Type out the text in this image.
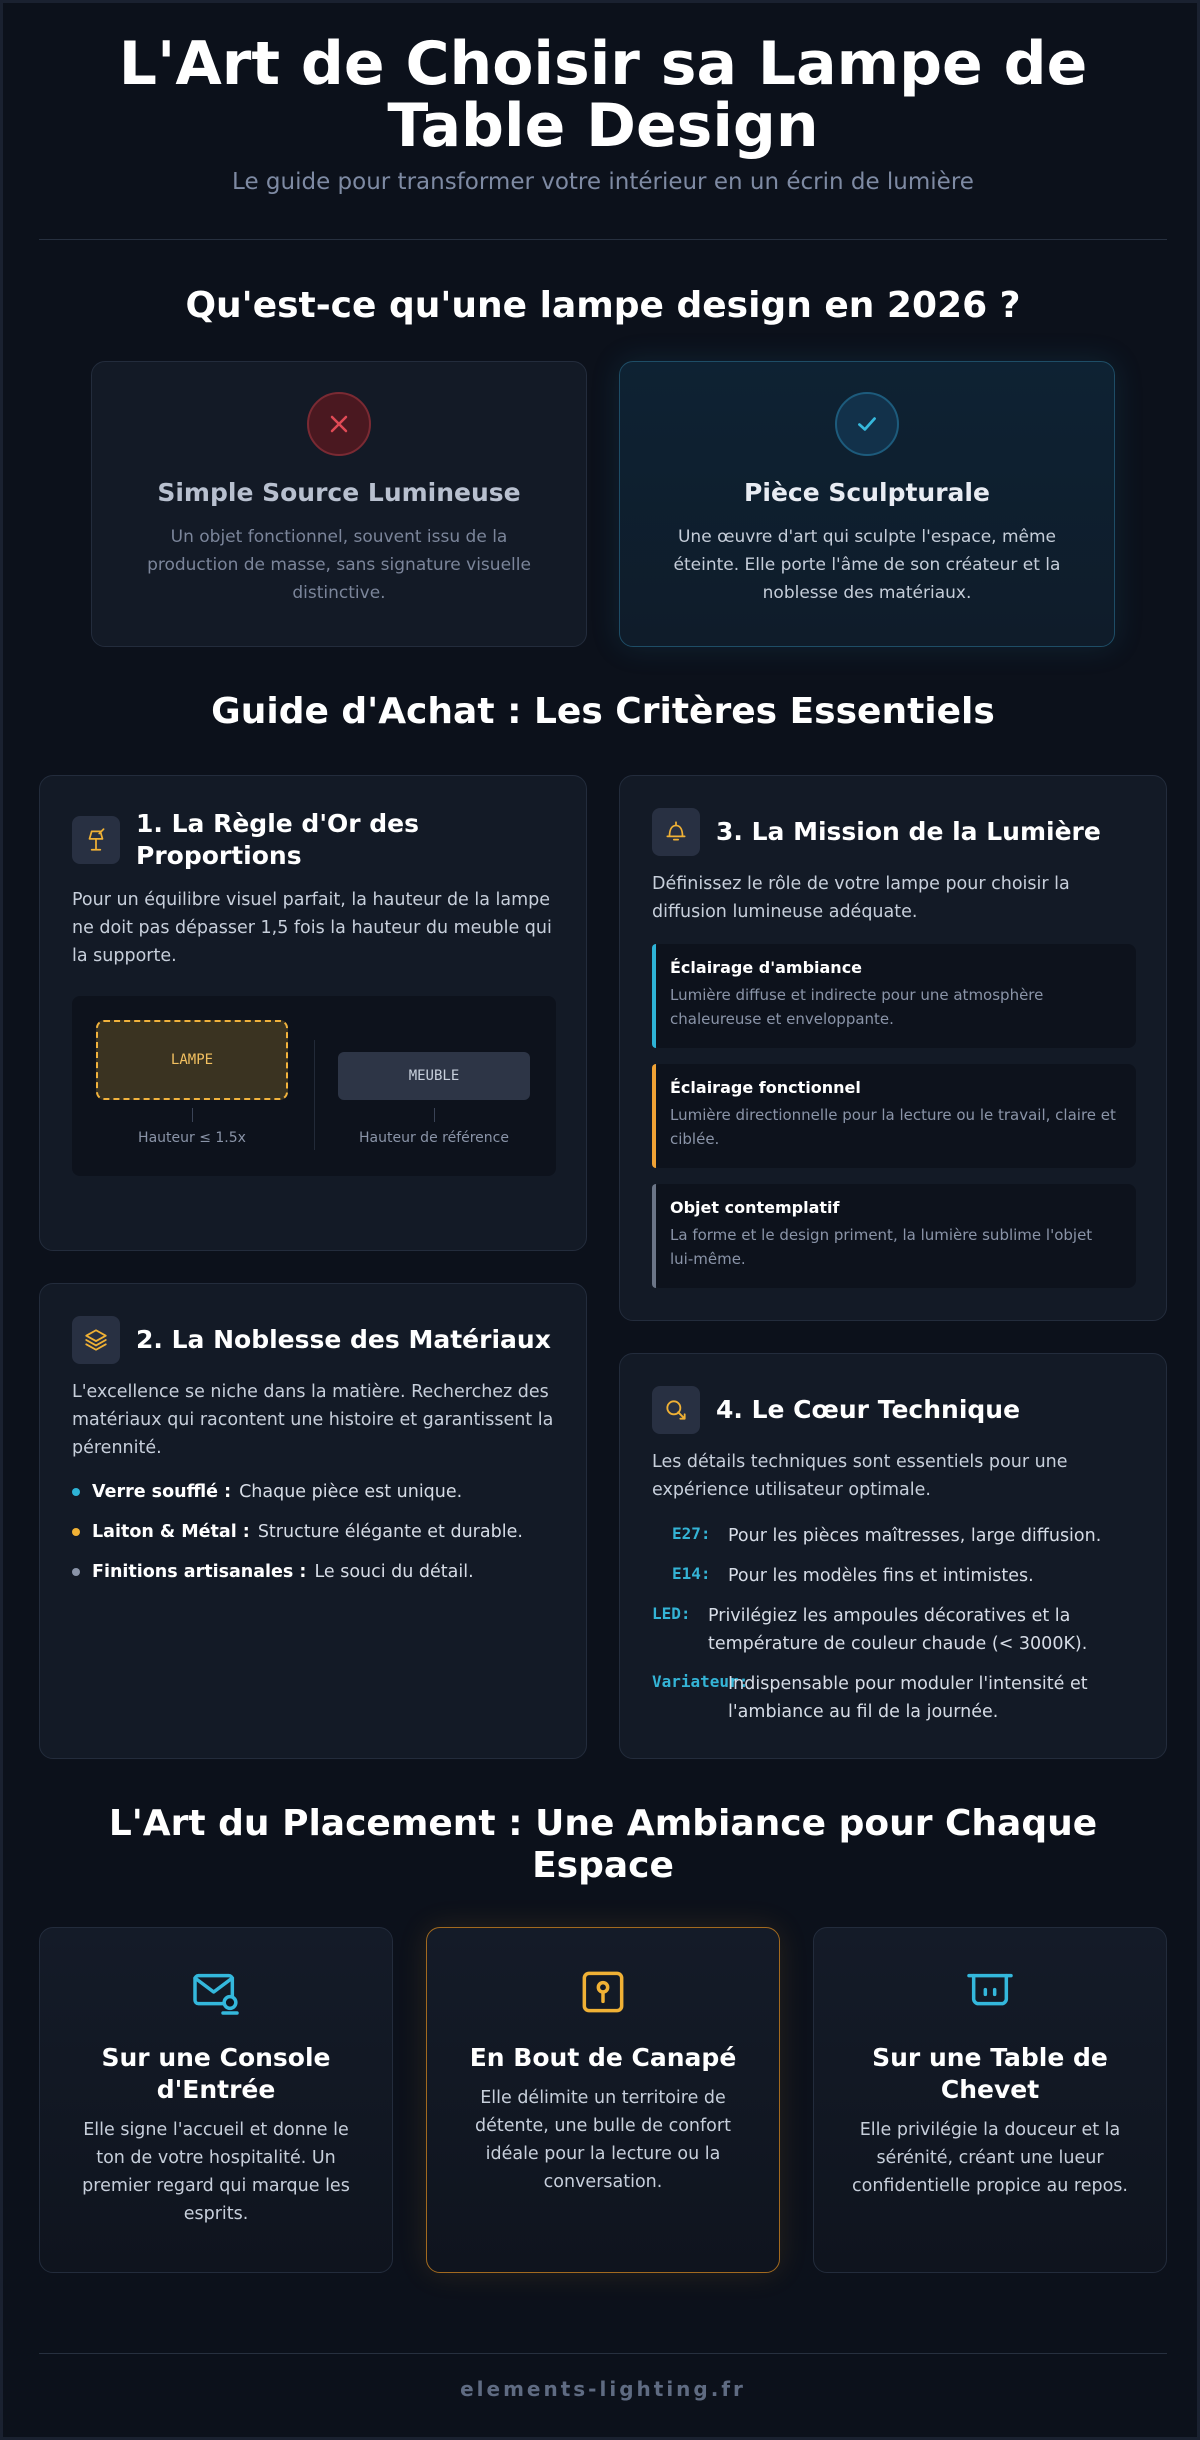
L'Art de Choisir sa Lampe de Table Design
Le guide pour transformer votre intérieur en un écrin de lumière
Qu'est-ce qu'une lampe design en 2026 ?
Simple Source Lumineuse
Un objet fonctionnel, souvent issu de la production de masse, sans signature visuelle distinctive.
Pièce Sculpturale
Une œuvre d'art qui sculpte l'espace, même éteinte. Elle porte l'âme de son créateur et la noblesse des matériaux.
Guide d'Achat : Les Critères Essentiels
1. La Règle d'Or des Proportions
Pour un équilibre visuel parfait, la hauteur de la lampe ne doit pas dépasser 1,5 fois la hauteur du meuble qui la supporte.
LAMPE
Hauteur ≤ 1.5x
MEUBLE
Hauteur de référence
3. La Mission de la Lumière
Définissez le rôle de votre lampe pour choisir la diffusion lumineuse adéquate.
Éclairage d'ambiance
Lumière diffuse et indirecte pour une atmosphère chaleureuse et enveloppante.
Éclairage fonctionnel
Lumière directionnelle pour la lecture ou le travail, claire et ciblée.
Objet contemplatif
La forme et le design priment, la lumière sublime l'objet lui-même.
2. La Noblesse des Matériaux
L'excellence se niche dans la matière. Recherchez des matériaux qui racontent une histoire et garantissent la pérennité.
Verre soufflé : Chaque pièce est unique.
Laiton & Métal : Structure élégante et durable.
Finitions artisanales : Le souci du détail.
4. Le Cœur Technique
Les détails techniques sont essentiels pour une expérience utilisateur optimale.
E27: Pour les pièces maîtresses, large diffusion.
E14: Pour les modèles fins et intimistes.
LED: Privilégiez les ampoules décoratives et la température de couleur chaude (< 3000K).
Variateur:
Indispensable pour moduler l'intensité et l'ambiance au fil de la journée.
L'Art du Placement : Une Ambiance pour Chaque Espace
Sur une Console d'Entrée
Elle signe l'accueil et donne le ton de votre hospitalité. Un premier regard qui marque les esprits.
En Bout de Canapé
Elle délimite un territoire de détente, une bulle de confort idéale pour la lecture ou la conversation.
Sur une Table de Chevet
Elle privilégie la douceur et la sérénité, créant une lueur confidentielle propice au repos.
elements-lighting.fr
